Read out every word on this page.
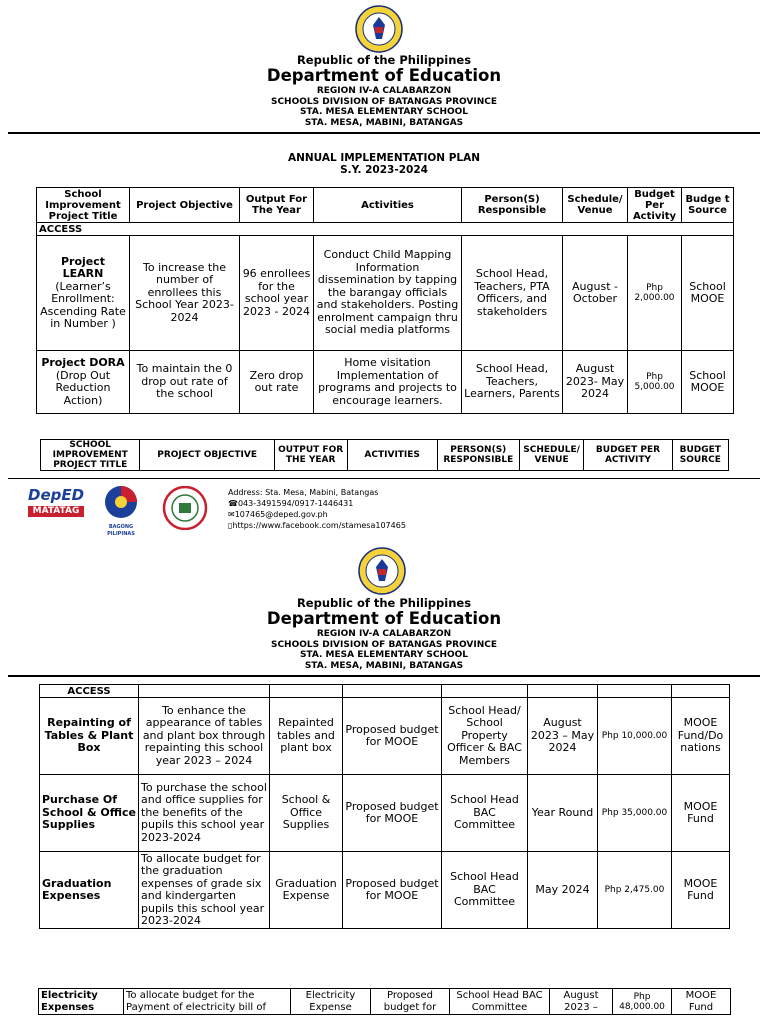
Republic of the Philippines
Department of Education
REGION IV-A CALABARZON
SCHOOLS DIVISION OF BATANGAS PROVINCE
STA. MESA ELEMENTARY SCHOOL
STA. MESA, MABINI, BATANGAS
ANNUAL IMPLEMENTATION PLAN
S.Y. 2023-2024
School Improvement Project Title	Project Objective	Output For The Year	Activities	Person(S) Responsible	Schedule/ Venue	Budget Per Activity	Budge t Source
ACCESS							

Project LEARN
(Learner’s Enrollment: Ascending Rate in Number )	To increase the number of enrollees this School Year 2023-2024	96 enrollees for the school year 2023 - 2024	Conduct Child Mapping Information dissemination by tapping the barangay officials and stakeholders. Posting enrolment campaign thru social media platforms	School Head, Teachers, PTA Officers, and stakeholders	August - October	Php 2,000.00	School MOOE

Project DORA
(Drop Out Reduction Action)	To maintain the 0 drop out rate of the school	Zero drop out rate	Home visitation Implementation of programs and projects to encourage learners.	School Head, Teachers, Learners, Parents	August 2023- May 2024	Php 5,000.00	School MOOE
SCHOOL IMPROVEMENT PROJECT TITLE	PROJECT OBJECTIVE	OUTPUT FOR THE YEAR	ACTIVITIES	PERSON(S) RESPONSIBLE	SCHEDULE/ VENUE	BUDGET PER ACTIVITY	BUDGET SOURCE
DepED
MATATAG
BAGONG PILIPINAS
Address: Sta. Mesa, Mabini, Batangas
☎043-3491594/0917-1446431
✉107465@deped.gov.ph
▯https://www.facebook.com/stamesa107465
Republic of the Philippines
Department of Education
REGION IV-A CALABARZON
SCHOOLS DIVISION OF BATANGAS PROVINCE
STA. MESA ELEMENTARY SCHOOL
STA. MESA, MABINI, BATANGAS
ACCESS							
Repainting of Tables & Plant Box	To enhance the appearance of tables and plant box through repainting this school year 2023 – 2024	Repainted tables and plant box	Proposed budget for MOOE	School Head/ School Property Officer & BAC Members	August 2023 – May 2024	Php 10,000.00	MOOE Fund/Do nations
Purchase Of School & Office Supplies	To purchase the school and office supplies for the benefits of the pupils this school year 2023-2024	School & Office Supplies	Proposed budget for MOOE	School Head BAC Committee	Year Round	Php 35,000.00	MOOE Fund
Graduation Expenses	To allocate budget for the graduation expenses of grade six and kindergarten pupils this school year 2023-2024	Graduation Expense	Proposed budget for MOOE	School Head BAC Committee	May 2024	Php 2,475.00	MOOE Fund
Electricity Expenses	To allocate budget for the Payment of electricity bill of	Electricity Expense	Proposed budget for	School Head BAC Committee	August 2023 –	Php 48,000.00	MOOE Fund
